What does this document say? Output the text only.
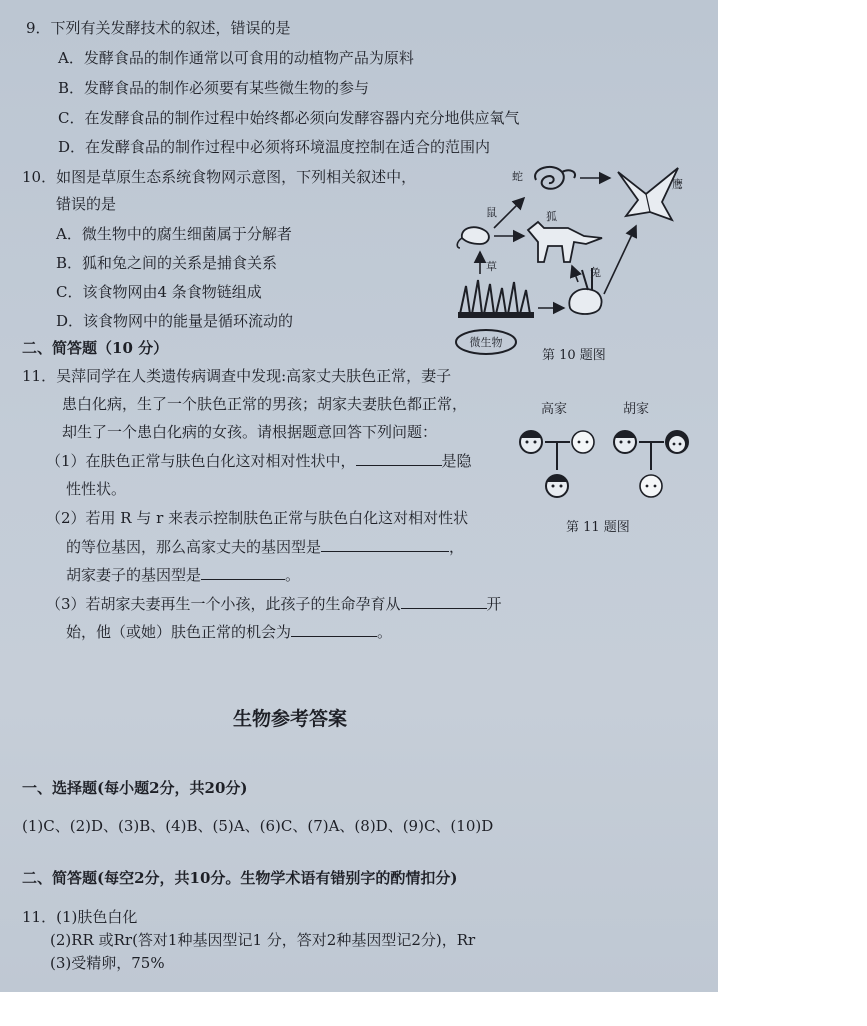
9．下列有关发酵技术的叙述，错误的是
A．发酵食品的制作通常以可食用的动植物产品为原料
B．发酵食品的制作必须要有某些微生物的参与
C．在发酵食品的制作过程中始终都必须向发酵容器内充分地供应氧气
D．在发酵食品的制作过程中必须将环境温度控制在适合的范围内
10．如图是草原生态系统食物网示意图，下列相关叙述中，
错误的是
A．微生物中的腐生细菌属于分解者
B．狐和兔之间的关系是捕食关系
C．该食物网由4 条食物链组成
D．该食物网中的能量是循环流动的
微生物
蛇
鹰
鼠	狐
草	兔
第 10 题图
二、简答题（10 分）
11．吴萍同学在人类遗传病调查中发现:高家丈夫肤色正常，妻子
患白化病，生了一个肤色正常的男孩；胡家夫妻肤色都正常，
却生了一个患白化病的女孩。请根据题意回答下列问题：
（1）在肤色正常与肤色白化这对相对性状中，	是隐
性性状。
（2）若用 R 与 r 来表示控制肤色正常与肤色白化这对相对性状
的等位基因，那么高家丈夫的基因型是	，
胡家妻子的基因型是	。
（3）若胡家夫妻再生一个小孩，此孩子的生命孕育从	开
始，他（或她）肤色正常的机会为	。
高家	胡家
第 11 题图
生物参考答案
一、选择题(每小题2分，共20分)
(1)C、(2)D、(3)B、(4)B、(5)A、(6)C、(7)A、(8)D、(9)C、(10)D
二、简答题(每空2分，共10分。生物学术语有错别字的酌情扣分)
11．(1)肤色白化
(2)RR 或Rr(答对1种基因型记1 分，答对2种基因型记2分)，Rr
(3)受精卵，75%
